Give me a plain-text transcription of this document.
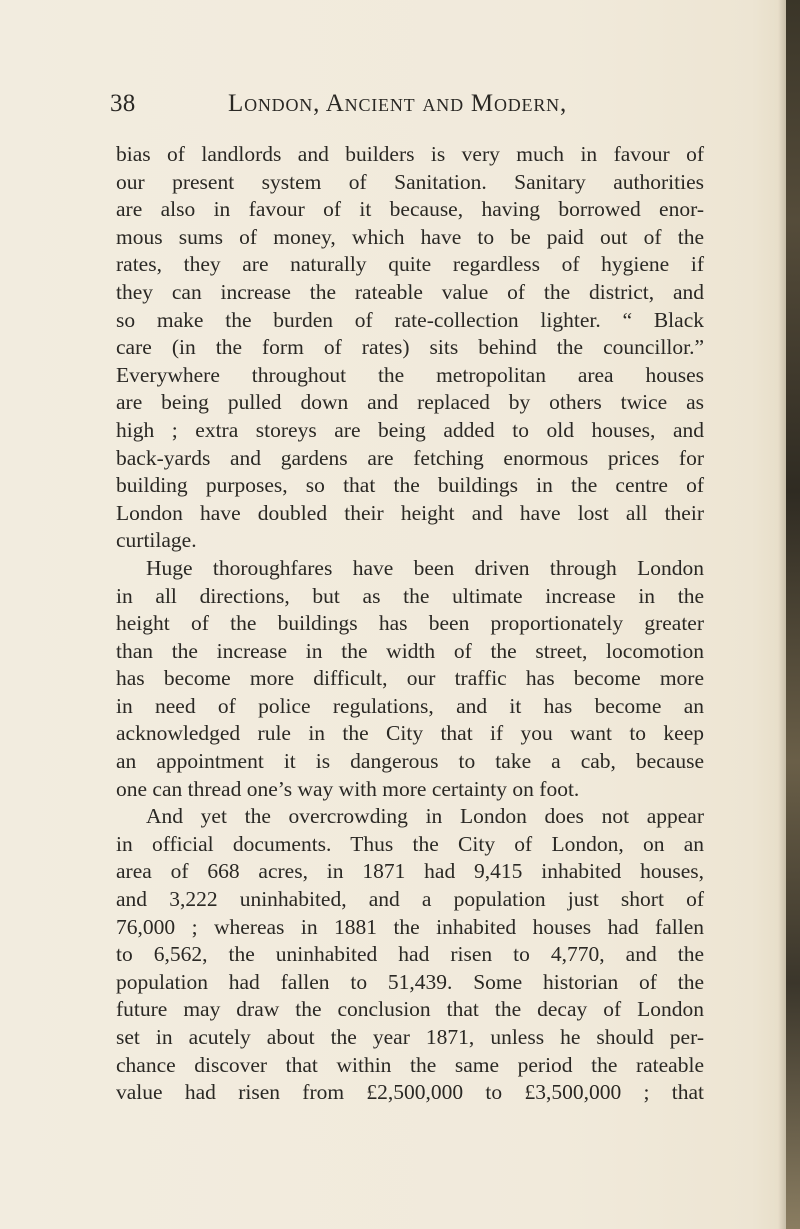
38	London, Ancient and Modern,
bias of landlords and builders is very much in favour of
our present system of Sanitation. Sanitary authorities
are also in favour of it because, having borrowed enor-
mous sums of money, which have to be paid out of the
rates, they are naturally quite regardless of hygiene if
they can increase the rateable value of the district, and
so make the burden of rate-collection lighter. “ Black
care (in the form of rates) sits behind the councillor.”
Everywhere throughout the metropolitan area houses
are being pulled down and replaced by others twice as
high ; extra storeys are being added to old houses, and
back-yards and gardens are fetching enormous prices for
building purposes, so that the buildings in the centre of
London have doubled their height and have lost all their
curtilage.
Huge thoroughfares have been driven through London
in all directions, but as the ultimate increase in the
height of the buildings has been proportionately greater
than the increase in the width of the street, locomotion
has become more difficult, our traffic has become more
in need of police regulations, and it has become an
acknowledged rule in the City that if you want to keep
an appointment it is dangerous to take a cab, because
one can thread one’s way with more certainty on foot.
And yet the overcrowding in London does not appear
in official documents. Thus the City of London, on an
area of 668 acres, in 1871 had 9,415 inhabited houses,
and 3,222 uninhabited, and a population just short of
76,000 ; whereas in 1881 the inhabited houses had fallen
to 6,562, the uninhabited had risen to 4,770, and the
population had fallen to 51,439. Some historian of the
future may draw the conclusion that the decay of London
set in acutely about the year 1871, unless he should per-
chance discover that within the same period the rateable
value had risen from £2,500,000 to £3,500,000 ; that
